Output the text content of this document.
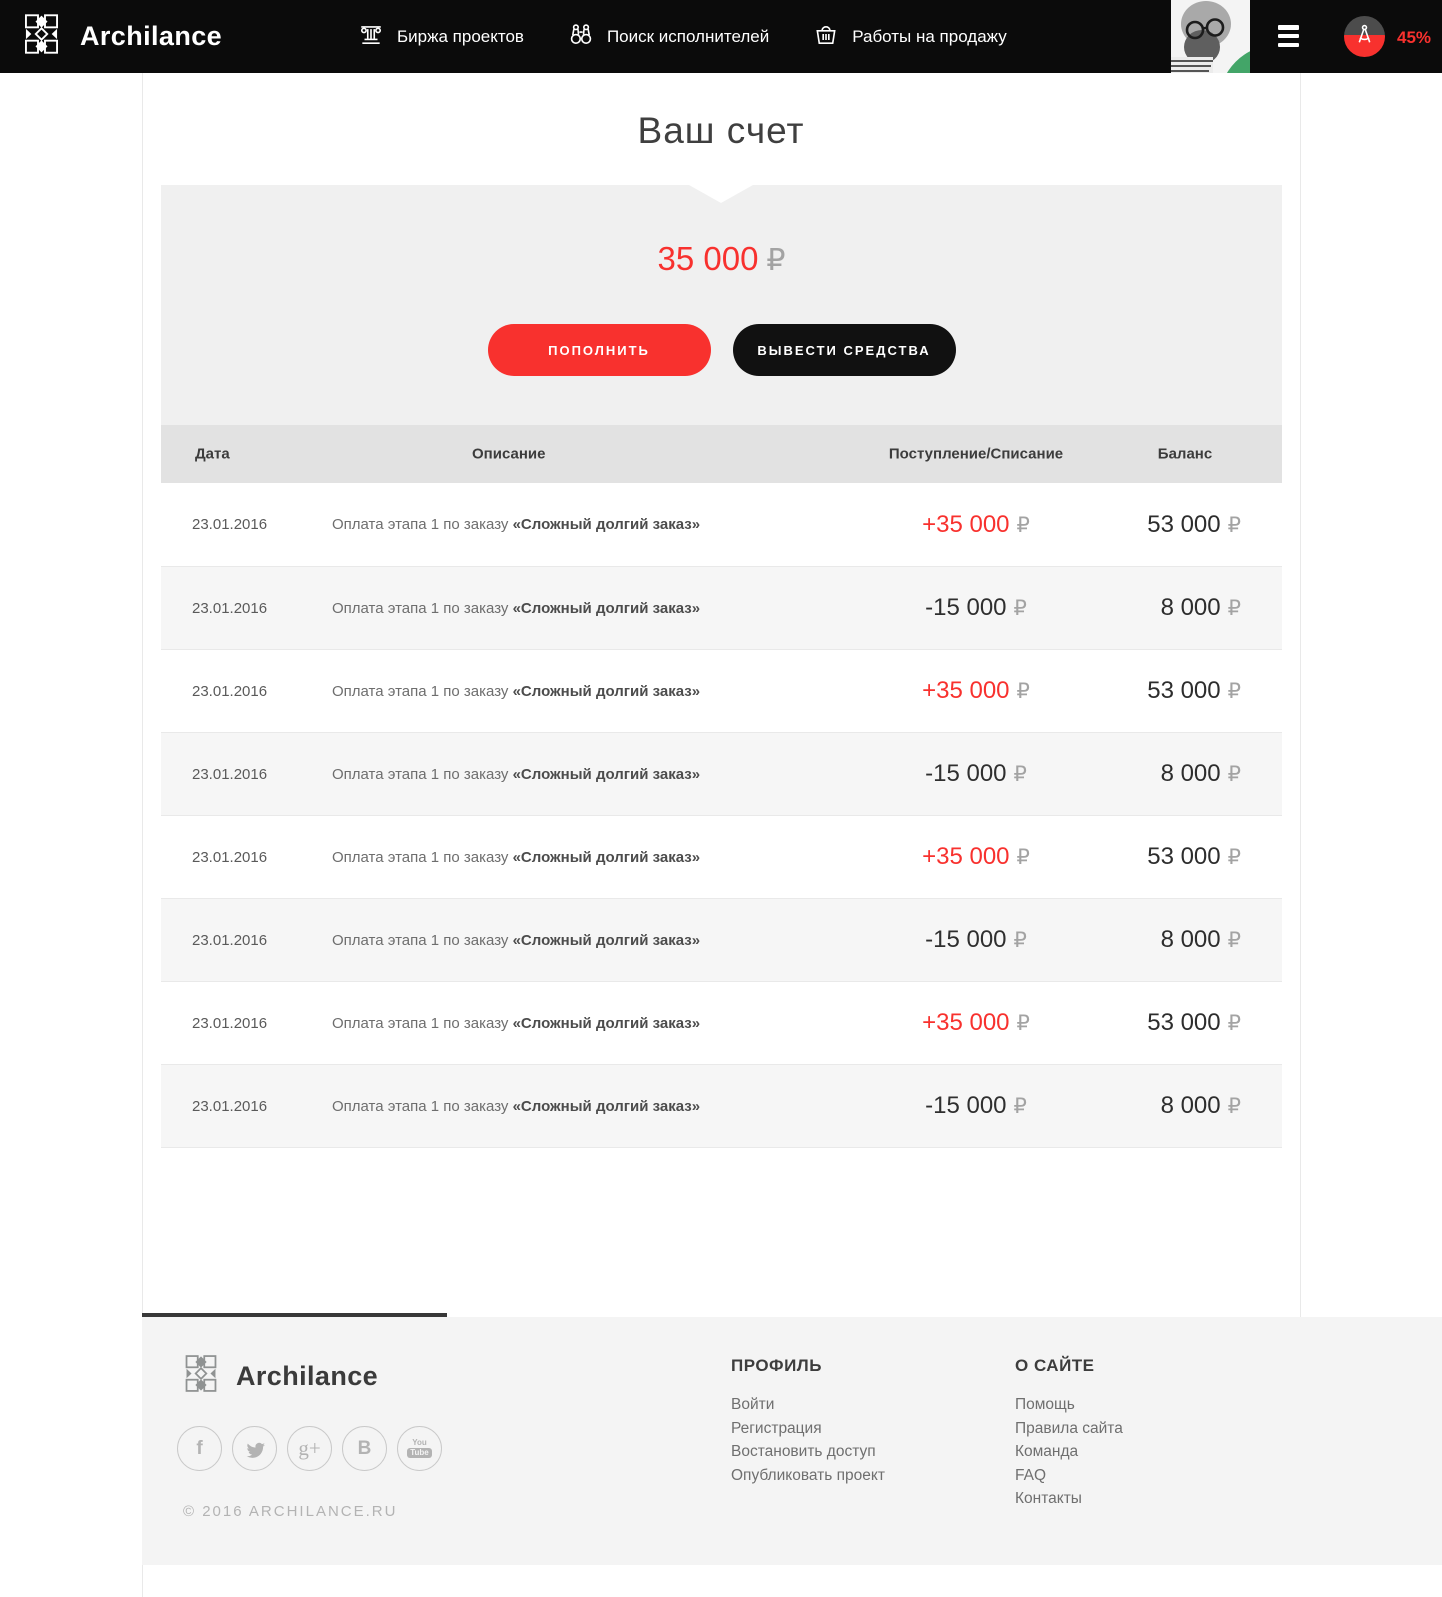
Archilance	Биржа проектов	Поиск исполнителей	Работы на продажу	45%
Ваш счет
35 000 ₽
ПОПОЛНИТЬ	ВЫВЕСТИ СРЕДСТВА
Дата	Описание	Поступление/Списание	Баланс
23.01.2016	Оплата этапа 1 по заказу «Сложный долгий заказ»	+35 000 ₽	53 000 ₽
23.01.2016	Оплата этапа 1 по заказу «Сложный долгий заказ»	-15 000 ₽	8 000 ₽
23.01.2016	Оплата этапа 1 по заказу «Сложный долгий заказ»	+35 000 ₽	53 000 ₽
23.01.2016	Оплата этапа 1 по заказу «Сложный долгий заказ»	-15 000 ₽	8 000 ₽
23.01.2016	Оплата этапа 1 по заказу «Сложный долгий заказ»	+35 000 ₽	53 000 ₽
23.01.2016	Оплата этапа 1 по заказу «Сложный долгий заказ»	-15 000 ₽	8 000 ₽
23.01.2016	Оплата этапа 1 по заказу «Сложный долгий заказ»	+35 000 ₽	53 000 ₽
23.01.2016	Оплата этапа 1 по заказу «Сложный долгий заказ»	-15 000 ₽	8 000 ₽
Archilance
f	g+	B	You
Tube
© 2016 ARCHILANCE.RU
ПРОФИЛЬ
Войти
Регистрация
Востановить доступ
Опубликовать проект
О САЙТЕ
Помощь
Правила сайта
Команда
FAQ
Контакты
